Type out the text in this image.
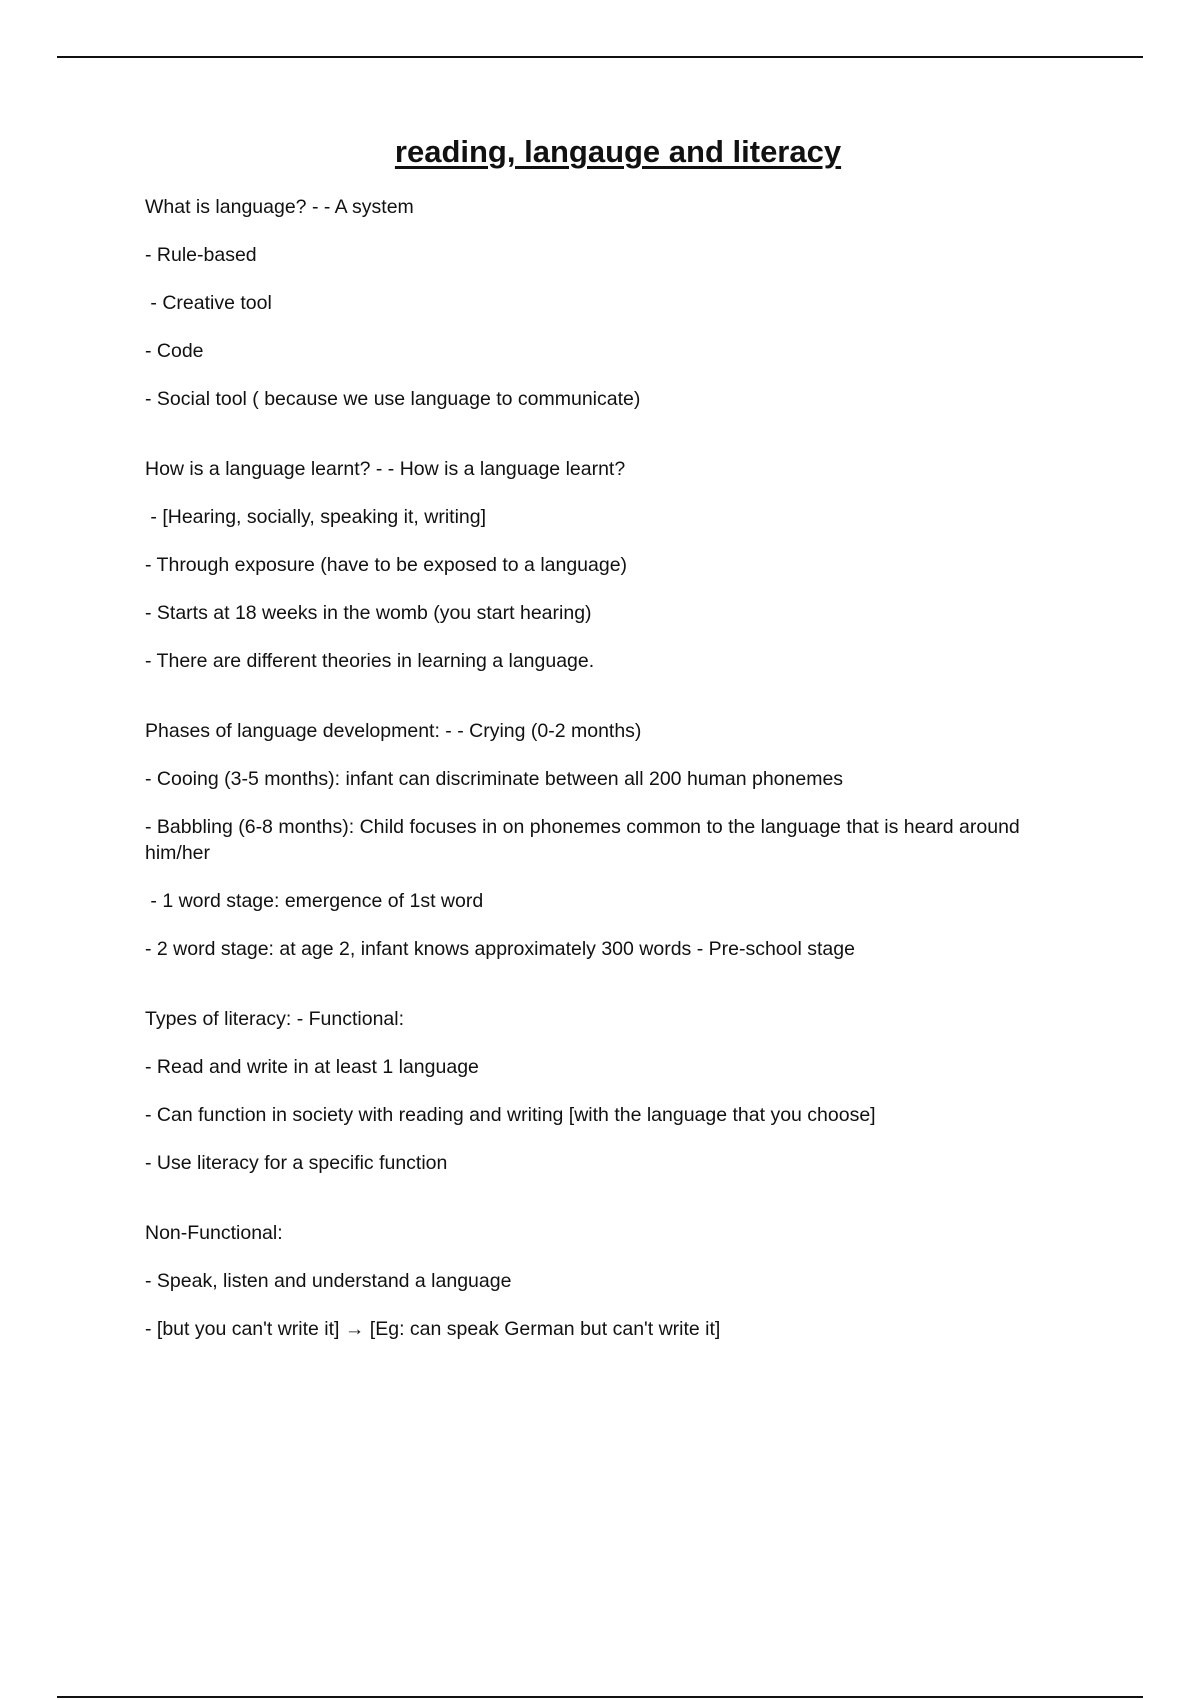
reading, langauge and literacy

What is language? - - A system

- Rule-based

- Creative tool

- Code

- Social tool ( because we use language to communicate)

How is a language learnt? - - How is a language learnt?

- [Hearing, socially, speaking it, writing]

- Through exposure (have to be exposed to a language)

- Starts at 18 weeks in the womb (you start hearing)

- There are different theories in learning a language.

Phases of language development: - - Crying (0-2 months)

- Cooing (3-5 months): infant can discriminate between all 200 human phonemes

- Babbling (6-8 months): Child focuses in on phonemes common to the language that is heard around him/her

- 1 word stage: emergence of 1st word

- 2 word stage: at age 2, infant knows approximately 300 words - Pre-school stage

Types of literacy: - Functional:

- Read and write in at least 1 language

- Can function in society with reading and writing [with the language that you choose]

- Use literacy for a specific function

Non-Functional:

- Speak, listen and understand a language

- [but you can't write it] → [Eg: can speak German but can't write it]
